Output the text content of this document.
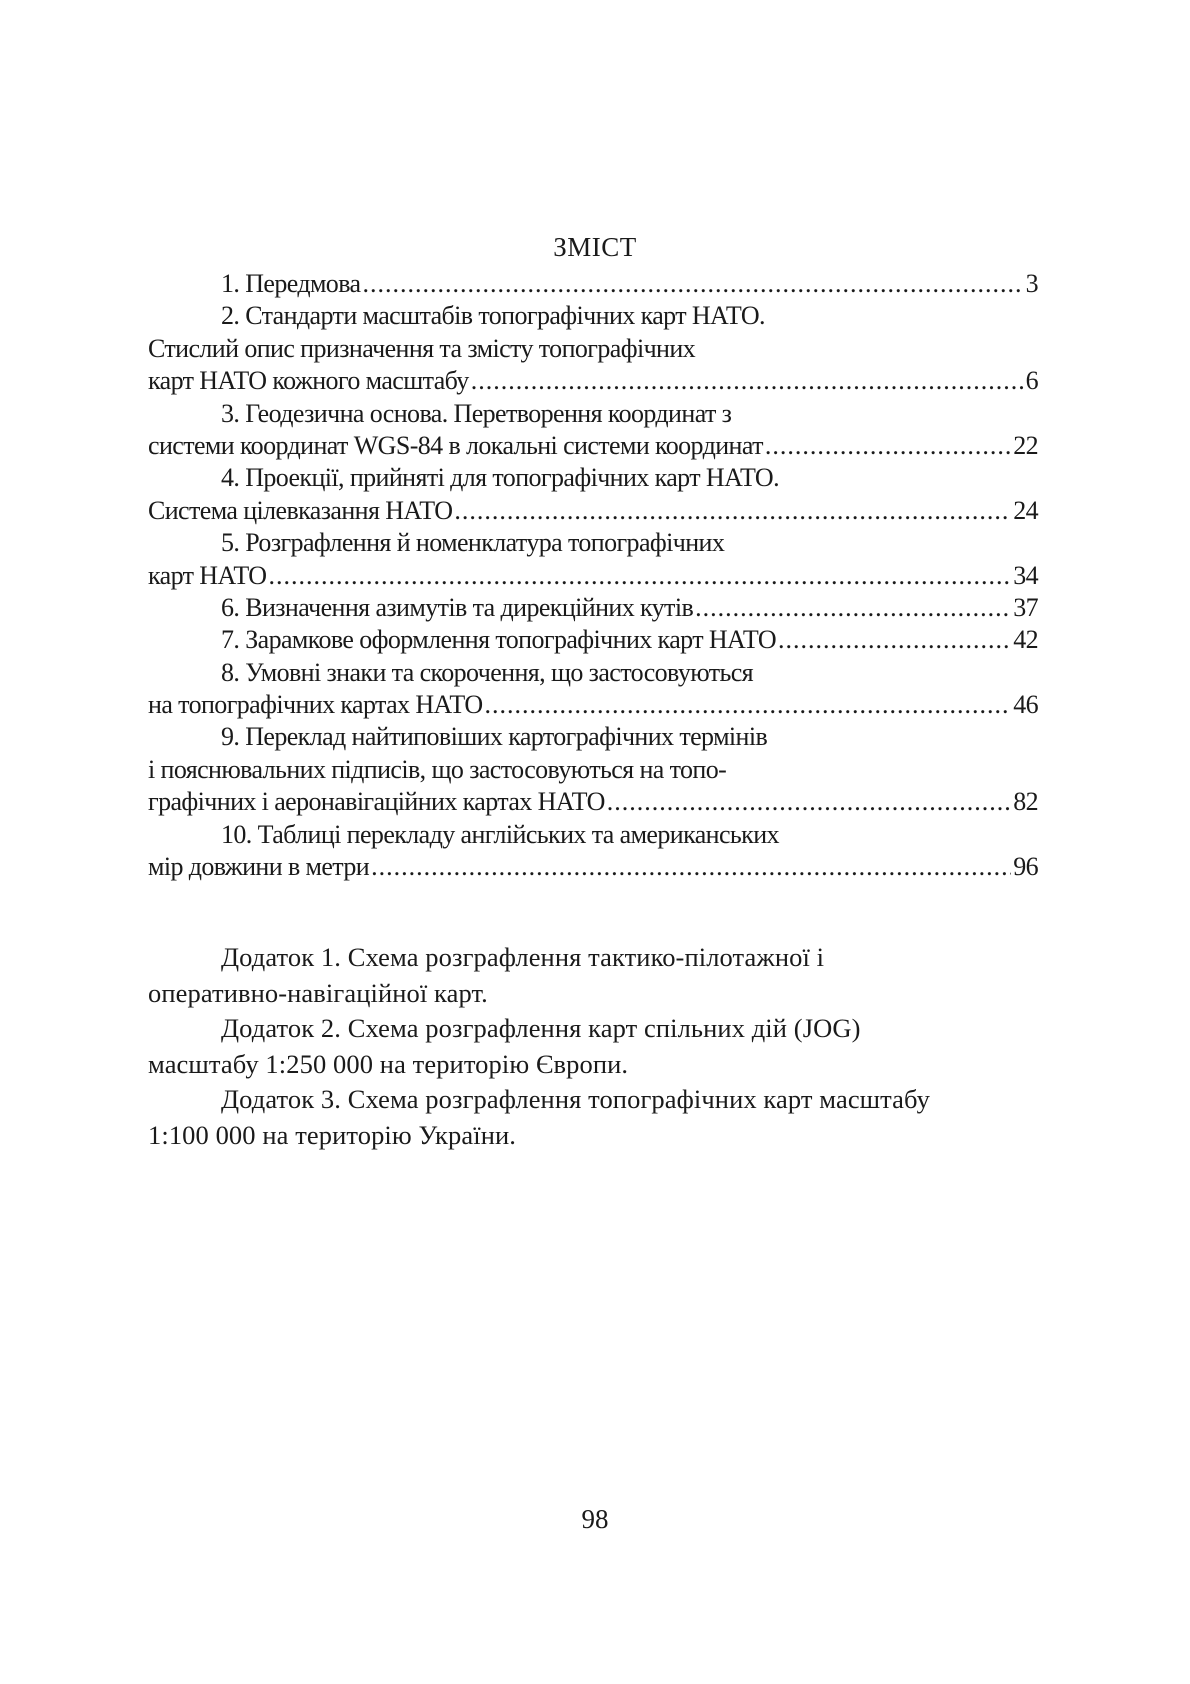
ЗМІСТ
1. Передмова .....	3
2. Стандарти масштабів топографічних карт НАТО.
Стислий опис призначення та змісту топографічних
карт НАТО кожного масштабу .....	6
3. Геодезична основа. Перетворення координат з
системи координат WGS-84 в локальні системи координат .....	22
4. Проекції, прийняті для топографічних карт НАТО.
Система цілевказання НАТО .....	24
5. Розграфлення й номенклатура топографічних
карт НАТО .....	34
6. Визначення азимутів та дирекційних кутів .....	37
7. Зарамкове оформлення топографічних карт НАТО .....	42
8. Умовні знаки та скорочення, що застосовуються
на топографічних картах НАТО .....	46
9. Переклад найтиповіших картографічних термінів
і пояснювальних підписів, що застосовуються на топо-
графічних і аеронавігаційних картах НАТО .....	82
10. Таблиці перекладу англійських та американських
мір довжини в метри .....	96
Додаток 1. Схема розграфлення тактико-пілотажної і
оперативно-навігаційної карт.
Додаток 2. Схема розграфлення карт спільних дій (JOG)
масштабу 1:250 000 на територію Європи.
Додаток 3. Схема розграфлення топографічних карт масштабу
1:100 000 на територію України.
98
